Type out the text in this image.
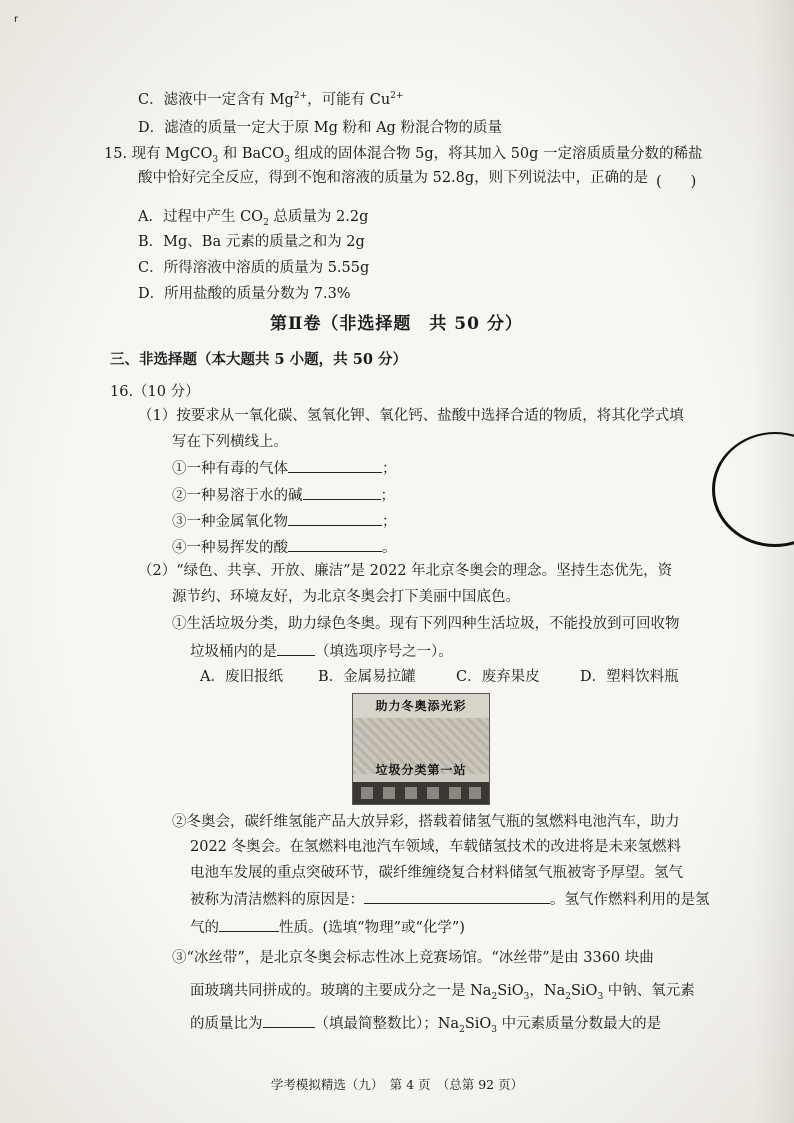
r
C．滤液中一定含有 $Mg^{2+}$，可能有 $Cu^{2+}$
D．滤渣的质量一定大于原 Mg 粉和 Ag 粉混合物的质量
15. 现有 MgCO$_3$ 和 BaCO$_3$ 组成的固体混合物 5g，将其加入 50g 一定溶质质量分数的稀盐
酸中恰好完全反应，得到不饱和溶液的质量为 52.8g，则下列说法中，正确的是 (　　)
A．过程中产生 $CO_2$ 总质量为 2.2g
B．Mg、Ba 元素的质量之和为 2g
C．所得溶液中溶质的质量为 5.55g
D．所用盐酸的质量分数为 7.3%
第Ⅱ卷（非选择题　共 50 分）
三、非选择题（本大题共 5 小题，共 50 分）
16.（10 分）
（1）按要求从一氧化碳、氢氧化钾、氧化钙、盐酸中选择合适的物质，将其化学式填
写在下列横线上。
①一种有毒的气体	；
②一种易溶于水的碱	；
③一种金属氧化物	；
④一种易挥发的酸	。
（2）“绿色、共享、开放、廉洁”是 2022 年北京冬奥会的理念。坚持生态优先，资
源节约、环境友好，为北京冬奥会打下美丽中国底色。
①生活垃圾分类，助力绿色冬奥。现有下列四种生活垃圾，不能投放到可回收物
垃圾桶内的是	（填选项序号之一）。
A．废旧报纸 B．金属易拉罐	C．废弃果皮	D．塑料饮料瓶
助力冬奥添光彩
垃圾分类第一站
②冬奥会，碳纤维氢能产品大放异彩，搭载着储氢气瓶的氢燃料电池汽车，助力
2022 冬奥会。在氢燃料电池汽车领域，车载储氢技术的改进将是未来氢燃料
电池车发展的重点突破环节，碳纤维缠绕复合材料储氢气瓶被寄予厚望。氢气
被称为清洁燃料的原因是：	。氢气作燃料利用的是氢
气的	性质。(选填“物理”或“化学”)
③“冰丝带”，是北京冬奥会标志性冰上竞赛场馆。“冰丝带”是由 3360 块曲
面玻璃共同拼成的。玻璃的主要成分之一是 $Na_2SiO_3$，$Na_2SiO_3$ 中钠、氧元素
的质量比为	（填最简整数比）；$Na_2SiO_3$ 中元素质量分数最大的是
学考模拟精选（九）　第 4 页　（总第 92 页）
